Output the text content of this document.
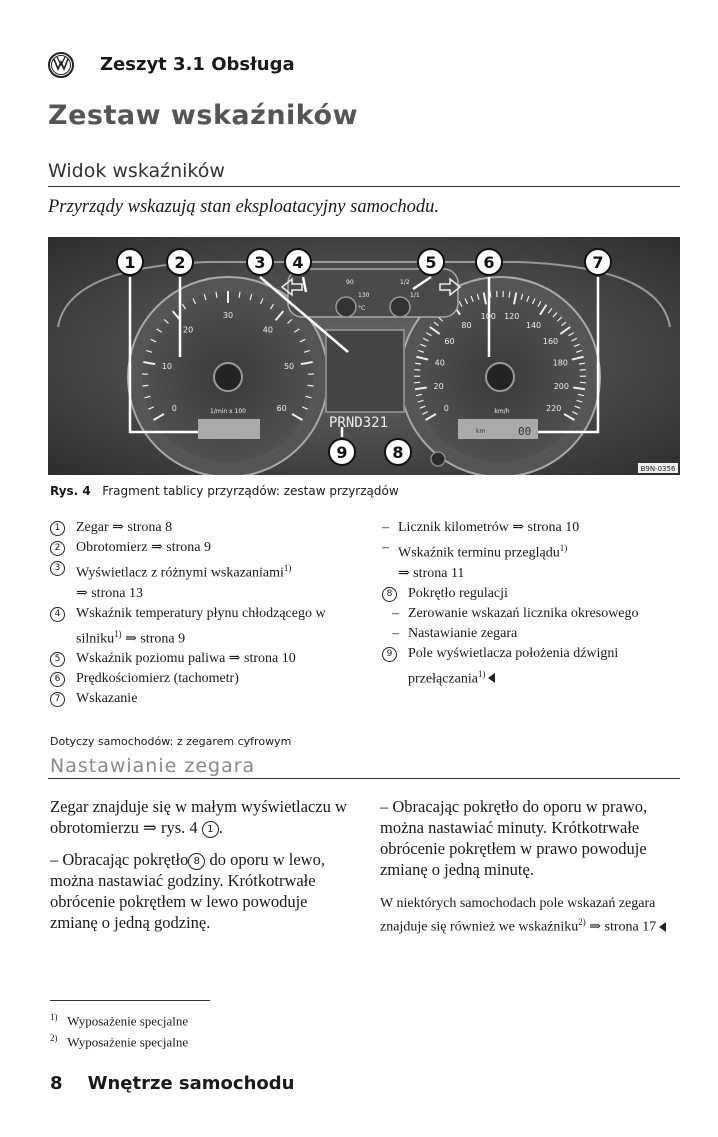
Zeszyt 3.1 Obsługa
Zestaw wskaźników
Widok wskaźników
Przyrządy wskazują stan eksploatacyjny samochodu.
0
10
20
30
40
50
60
1/min x 100	0
20
40
60
80
100 120
140
160
180
200
220
km	00
km/h
PRND321
90
130
°C
1/2
1/1
1 2	3 4	5	6	7
8
9
B9N-0356
Rys. 4 Fragment tablicy przyrządów: zestaw przyrządów
1	Zegar ⇒ strona 8
2	Obrotomierz ⇒ strona 9
3	Wyświetlacz z różnymi wskazaniami$^{1)}$
⇒ strona 13
4	Wskaźnik temperatury płynu chłodzącego w silniku$^{1)}$ ⇒ strona 9
5	Wskaźnik poziomu paliwa ⇒ strona 10
6	Prędkościomierz (tachometr)
7	Wskazanie
– Licznik kilometrów ⇒ strona 10
– Wskaźnik terminu przeglądu$^{1)}$
⇒ strona 11
8	Pokrętło regulacji
– Zerowanie wskazań licznika okresowego
– Nastawianie zegara
9	Pole wyświetlacza położenia dźwigni przełączania$^{1)}$
Dotyczy samochodów: z zegarem cyfrowym
Nastawianie zegara

Zegar znajduje się w małym wyświetlaczu w obrotomierzu ⇒ rys. 4 1 .

– Obracając pokrętło 8 do oporu w lewo, można nastawiać godziny. Krótkotrwałe obrócenie pokrętłem w lewo powoduje zmianę o jedną godzinę.

– Obracając pokrętło do oporu w prawo, można nastawiać minuty. Krótkotrwałe obrócenie pokrętłem w prawo powoduje zmianę o jedną minutę.

W niektórych samochodach pole wskazań zegara znajduje się również we wskaźniku$^{2)}$ ⇒ strona 17

$^{1)}$ Wyposażenie specjalne
$^{2)}$ Wyposażenie specjalne
8 Wnętrze samochodu
